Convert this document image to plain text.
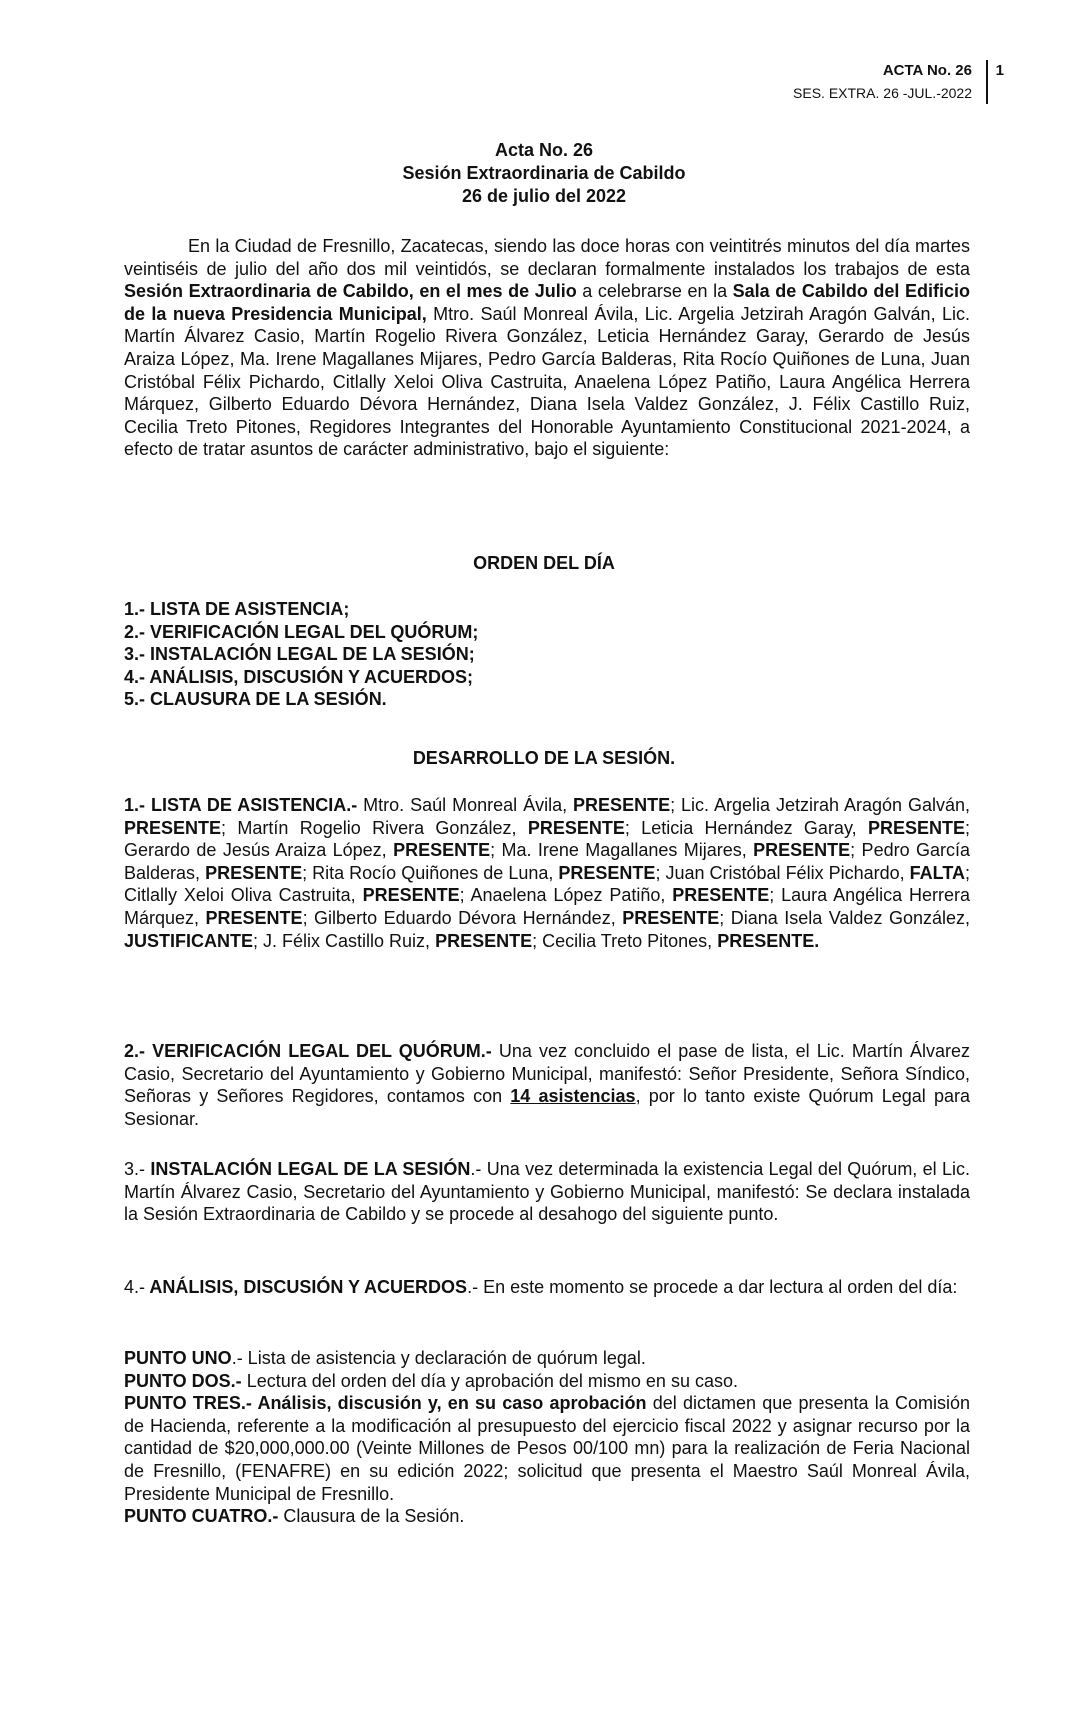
ACTA No. 26
SES. EXTRA. 26 -JUL.-2022
1
Acta No. 26
Sesión Extraordinaria de Cabildo
26 de julio del 2022

En la Ciudad de Fresnillo, Zacatecas, siendo las doce horas con veintitrés minutos del día martes veintiséis de julio del año dos mil veintidós, se declaran formalmente instalados los trabajos de esta Sesión Extraordinaria de Cabildo, en el mes de Julio a celebrarse en la Sala de Cabildo del Edificio de la nueva Presidencia Municipal, Mtro. Saúl Monreal Ávila, Lic. Argelia Jetzirah Aragón Galván, Lic. Martín Álvarez Casio, Martín Rogelio Rivera González, Leticia Hernández Garay, Gerardo de Jesús Araiza López, Ma. Irene Magallanes Mijares, Pedro García Balderas, Rita Rocío Quiñones de Luna, Juan Cristóbal Félix Pichardo, Citlally Xeloi Oliva Castruita, Anaelena López Patiño, Laura Angélica Herrera Márquez, Gilberto Eduardo Dévora Hernández, Diana Isela Valdez González, J. Félix Castillo Ruiz, Cecilia Treto Pitones, Regidores Integrantes del Honorable Ayuntamiento Constitucional 2021-2024, a efecto de tratar asuntos de carácter administrativo, bajo el siguiente:

ORDEN DEL DÍA
1.- LISTA DE ASISTENCIA;
2.- VERIFICACIÓN LEGAL DEL QUÓRUM;
3.- INSTALACIÓN LEGAL DE LA SESIÓN;
4.- ANÁLISIS, DISCUSIÓN Y ACUERDOS;
5.- CLAUSURA DE LA SESIÓN.
DESARROLLO DE LA SESIÓN.

1.- LISTA DE ASISTENCIA.- Mtro. Saúl Monreal Ávila, PRESENTE; Lic. Argelia Jetzirah Aragón Galván, PRESENTE; Martín Rogelio Rivera González, PRESENTE; Leticia Hernández Garay, PRESENTE; Gerardo de Jesús Araiza López, PRESENTE; Ma. Irene Magallanes Mijares, PRESENTE; Pedro García Balderas, PRESENTE; Rita Rocío Quiñones de Luna, PRESENTE; Juan Cristóbal Félix Pichardo, FALTA; Citlally Xeloi Oliva Castruita, PRESENTE; Anaelena López Patiño, PRESENTE; Laura Angélica Herrera Márquez, PRESENTE; Gilberto Eduardo Dévora Hernández, PRESENTE; Diana Isela Valdez González, JUSTIFICANTE; J. Félix Castillo Ruiz, PRESENTE; Cecilia Treto Pitones, PRESENTE.

2.- VERIFICACIÓN LEGAL DEL QUÓRUM.- Una vez concluido el pase de lista, el Lic. Martín Álvarez Casio, Secretario del Ayuntamiento y Gobierno Municipal, manifestó: Señor Presidente, Señora Síndico, Señoras y Señores Regidores, contamos con 14 asistencias, por lo tanto existe Quórum Legal para Sesionar.

3.- INSTALACIÓN LEGAL DE LA SESIÓN.- Una vez determinada la existencia Legal del Quórum, el Lic. Martín Álvarez Casio, Secretario del Ayuntamiento y Gobierno Municipal, manifestó: Se declara instalada la Sesión Extraordinaria de Cabildo y se procede al desahogo del siguiente punto.

4.- ANÁLISIS, DISCUSIÓN Y ACUERDOS.- En este momento se procede a dar lectura al orden del día:

PUNTO UNO.- Lista de asistencia y declaración de quórum legal.

PUNTO DOS.- Lectura del orden del día y aprobación del mismo en su caso.

PUNTO TRES.- Análisis, discusión y, en su caso aprobación del dictamen que presenta la Comisión de Hacienda, referente a la modificación al presupuesto del ejercicio fiscal 2022 y asignar recurso por la cantidad de $20,000,000.00 (Veinte Millones de Pesos 00/100 mn) para la realización de Feria Nacional de Fresnillo, (FENAFRE) en su edición 2022; solicitud que presenta el Maestro Saúl Monreal Ávila, Presidente Municipal de Fresnillo.

PUNTO CUATRO.- Clausura de la Sesión.
